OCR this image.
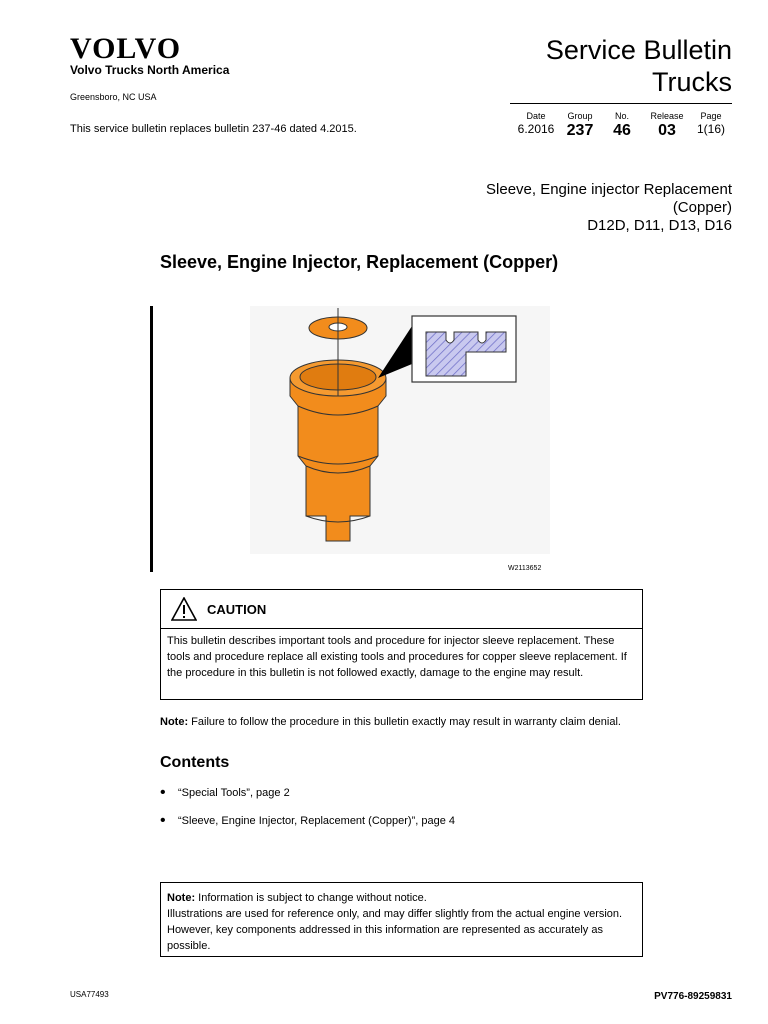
VOLVO
Volvo Trucks North America
Greensboro, NC USA
Service Bulletin
Trucks
Date
6.2016
Group
237
No.
46
Release
03
Page
1(16)
This service bulletin replaces bulletin 237-46 dated 4.2015.
Sleeve, Engine injector Replacement
(Copper)
D12D, D11, D13, D16
Sleeve, Engine Injector, Replacement (Copper)
W2113652
CAUTION
This bulletin describes important tools and procedure for injector sleeve replacement. These tools and procedure replace all existing tools and procedures for copper sleeve replacement. If the procedure in this bulletin is not followed exactly, damage to the engine may result.
Note: Failure to follow the procedure in this bulletin exactly may result in warranty claim denial.
Contents
• “Special Tools”, page 2
• “Sleeve, Engine Injector, Replacement (Copper)”, page 4
Note: Information is subject to change without notice.
Illustrations are used for reference only, and may differ slightly from the actual engine version. However, key components addressed in this information are represented as accurately as possible.
USA77493	PV776-89259831
